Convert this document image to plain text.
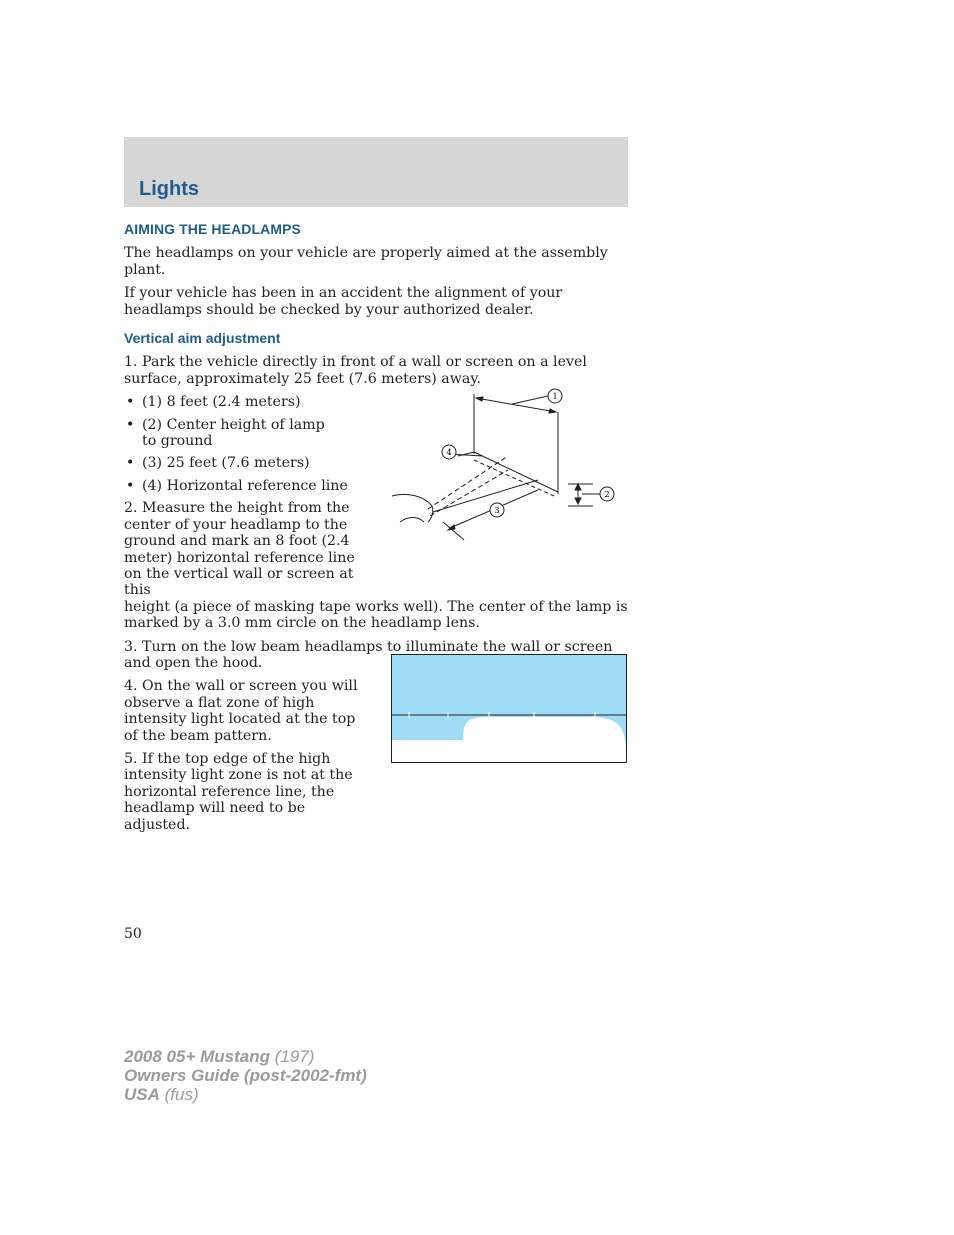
Lights
AIMING THE HEADLAMPS

The headlamps on your vehicle are properly aimed at the assembly plant.

If your vehicle has been in an accident the alignment of your headlamps should be checked by your authorized dealer.

Vertical aim adjustment

1. Park the vehicle directly in front of a wall or screen on a level surface, approximately 25 feet (7.6 meters) away.

• (1) 8 feet (2.4 meters)
• (2) Center height of lamp to ground
• (3) 25 feet (7.6 meters)
• (4) Horizontal reference line

2. Measure the height from the center of your headlamp to the ground and mark an 8 foot (2.4 meter) horizontal reference line on the vertical wall or screen at this

height (a piece of masking tape works well). The center of the lamp is marked by a 3.0 mm circle on the headlamp lens.

3. Turn on the low beam headlamps to illuminate the wall or screen and open the hood.

4. On the wall or screen you will observe a flat zone of high intensity light located at the top of the beam pattern.

5. If the top edge of the high intensity light zone is not at the horizontal reference line, the headlamp will need to be adjusted.

1
2
3
4
50
2008 05+ Mustang (197)
Owners Guide (post-2002-fmt)
USA (fus)
